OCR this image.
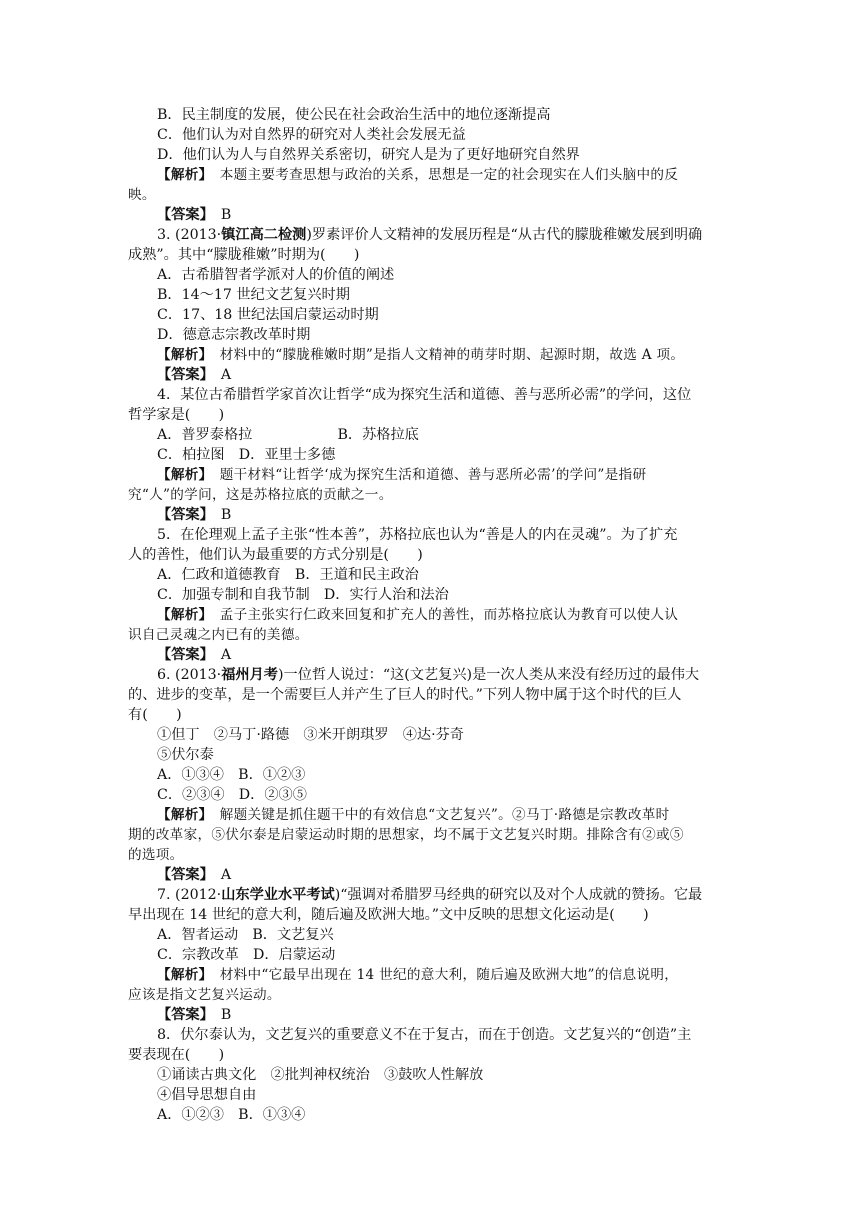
B．民主制度的发展，使公民在社会政治生活中的地位逐渐提高
C．他们认为对自然界的研究对人类社会发展无益
D．他们认为人与自然界关系密切，研究人是为了更好地研究自然界
【解析】　 本题主要考查思想与政治的关系，思想是一定的社会现实在人们头脑中的反
映。
【答案】　 B
3. (2013·镇江高二检测)罗素评价人文精神的发展历程是“从古代的朦胧稚嫩发展到明确
成熟”。其中“朦胧稚嫩”时期为(　　)
A．古希腊智者学派对人的价值的阐述
B．14～17 世纪文艺复兴时期
C．17、18 世纪法国启蒙运动时期
D．德意志宗教改革时期
【解析】　 材料中的“朦胧稚嫩时期”是指人文精神的萌芽时期、起源时期，故选 A 项。
【答案】　 A
4．某位古希腊哲学家首次让哲学“成为探究生活和道德、善与恶所必需”的学问，这位
哲学家是(　　)
A．普罗泰格拉　　　　　　B．苏格拉底
C．柏拉图　D．亚里士多德
【解析】　 题干材料“让哲学‘成为探究生活和道德、善与恶所必需’的学问”是指研
究“人”的学问，这是苏格拉底的贡献之一。
【答案】　 B
5．在伦理观上孟子主张“性本善”，苏格拉底也认为“善是人的内在灵魂”。为了扩充
人的善性，他们认为最重要的方式分别是(　　)
A．仁政和道德教育　B．王道和民主政治
C．加强专制和自我节制　D．实行人治和法治
【解析】　 孟子主张实行仁政来回复和扩充人的善性，而苏格拉底认为教育可以使人认
识自己灵魂之内已有的美德。
【答案】　 A
6. (2013·福州月考)一位哲人说过：“这(文艺复兴)是一次人类从来没有经历过的最伟大
的、进步的变革，是一个需要巨人并产生了巨人的时代。”下列人物中属于这个时代的巨人
有(　　)
①但丁　②马丁·路德　③米开朗琪罗　④达·芬奇
⑤伏尔泰
A．①③④　B．①②③
C．②③④　D．②③⑤
【解析】　 解题关键是抓住题干中的有效信息“文艺复兴”。②马丁·路德是宗教改革时
期的改革家，⑤伏尔泰是启蒙运动时期的思想家，均不属于文艺复兴时期。排除含有②或⑤
的选项。
【答案】　 A
7. (2012·山东学业水平考试)“强调对希腊罗马经典的研究以及对个人成就的赞扬。它最
早出现在 14 世纪的意大利，随后遍及欧洲大地。”文中反映的思想文化运动是(　　)
A．智者运动　B．文艺复兴
C．宗教改革　D．启蒙运动
【解析】　 材料中“它最早出现在 14 世纪的意大利，随后遍及欧洲大地”的信息说明，
应该是指文艺复兴运动。
【答案】　 B
8．伏尔泰认为，文艺复兴的重要意义不在于复古，而在于创造。文艺复兴的“创造”主
要表现在(　　)
①诵读古典文化　②批判神权统治　③鼓吹人性解放
④倡导思想自由
A．①②③　B．①③④
